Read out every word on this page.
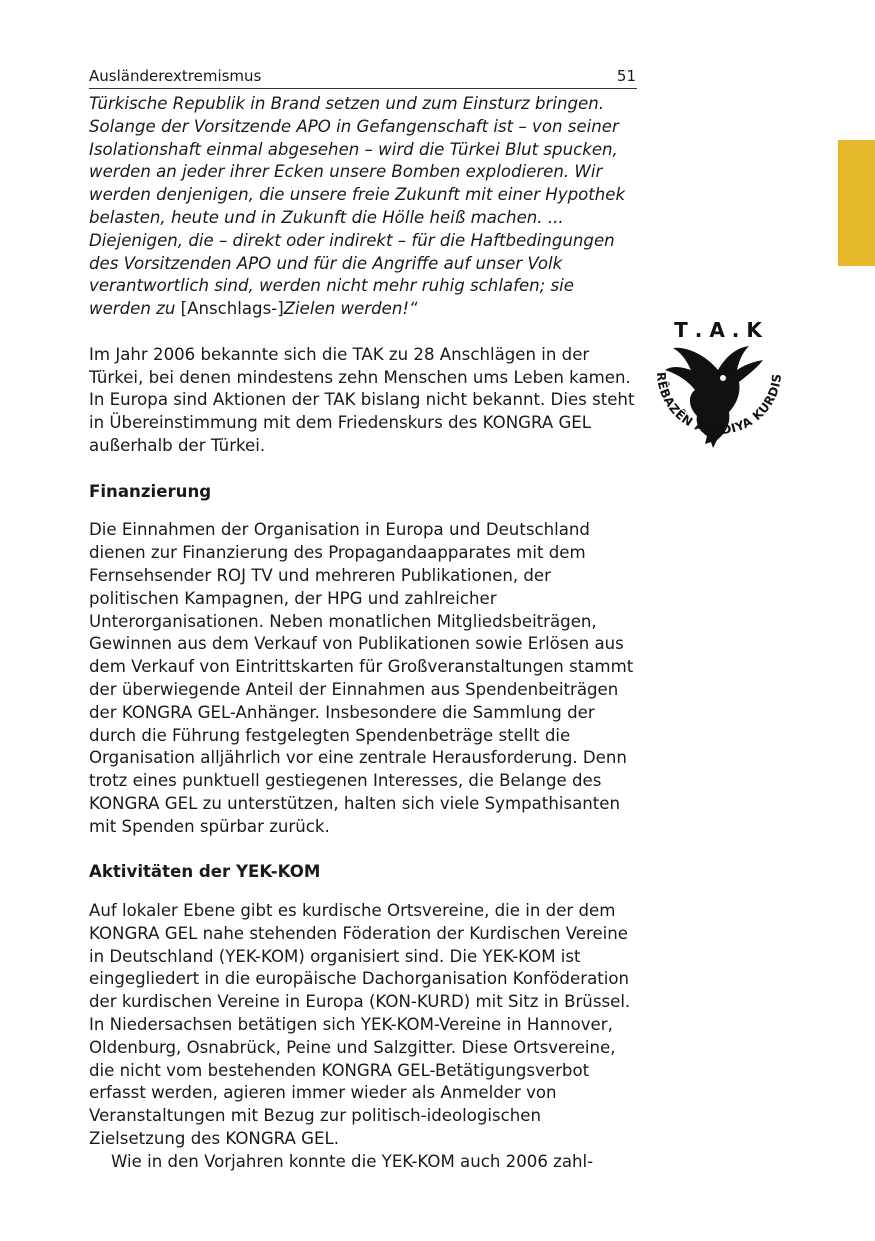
Ausländerextremismus	51

Türkische Republik in Brand setzen und zum Einsturz bringen. Solange der Vorsitzende APO in Gefangenschaft ist – von seiner Isolationshaft einmal abgesehen – wird die Türkei Blut spucken, werden an jeder ihrer Ecken unsere Bomben explodieren. Wir werden denjenigen, die unsere freie Zukunft mit einer Hypothek belasten, heute und in Zukunft die Hölle heiß machen. ... Diejenigen, die – direkt oder indirekt – für die Haftbedingungen des Vorsitzenden APO und für die Angriffe auf unser Volk verantwortlich sind, werden nicht mehr ruhig schlafen; sie werden zu [Anschlags-]Zielen werden!“

Im Jahr 2006 bekannte sich die TAK zu 28 Anschlägen in der Türkei, bei denen mindestens zehn Menschen ums Leben kamen. In Europa sind Aktionen der TAK bislang nicht bekannt. Dies steht in Übereinstimmung mit dem Friedenskurs des KONGRA GEL außerhalb der Türkei.

Finanzierung

Die Einnahmen der Organisation in Europa und Deutschland dienen zur Finanzierung des Propagandaapparates mit dem Fernsehsender ROJ TV und mehreren Publikationen, der politischen Kampagnen, der HPG und zahlreicher Unterorganisationen. Neben monatlichen Mitgliedsbeiträgen, Gewinnen aus dem Verkauf von Publikationen sowie Erlösen aus dem Verkauf von Eintrittskarten für Großveranstaltungen stammt der überwiegende Anteil der Einnahmen aus Spendenbeiträgen der KONGRA GEL-Anhänger. Insbesondere die Sammlung der durch die Führung festgelegten Spendenbeträge stellt die Organisation alljährlich vor eine zentrale Herausforderung. Denn trotz eines punktuell gestiegenen Interesses, die Belange des KONGRA GEL zu unterstützen, halten sich viele Sympathisanten mit Spenden spürbar zurück.

Aktivitäten der YEK-KOM

Auf lokaler Ebene gibt es kurdische Ortsvereine, die in der dem KONGRA GEL nahe stehenden Föderation der Kurdischen Vereine in Deutschland (YEK-KOM) organisiert sind. Die YEK-KOM ist eingegliedert in die europäische Dachorganisation Konföderation der kurdischen Vereine in Europa (KON-KURD) mit Sitz in Brüssel. In Niedersachsen betätigen sich YEK-KOM-Vereine in Hannover, Oldenburg, Osnabrück, Peine und Salzgitter. Diese Ortsvereine, die nicht vom bestehenden KONGRA GEL-Betätigungsverbot erfasst werden, agieren immer wieder als Anmelder von Veranstaltungen mit Bezug zur politisch-ideologischen Zielsetzung des KONGRA GEL.

Wie in den Vorjahren konnte die YEK-KOM auch 2006 zahl-

T . A . K
RÊBAZÊN AZADIYA KURDIS
